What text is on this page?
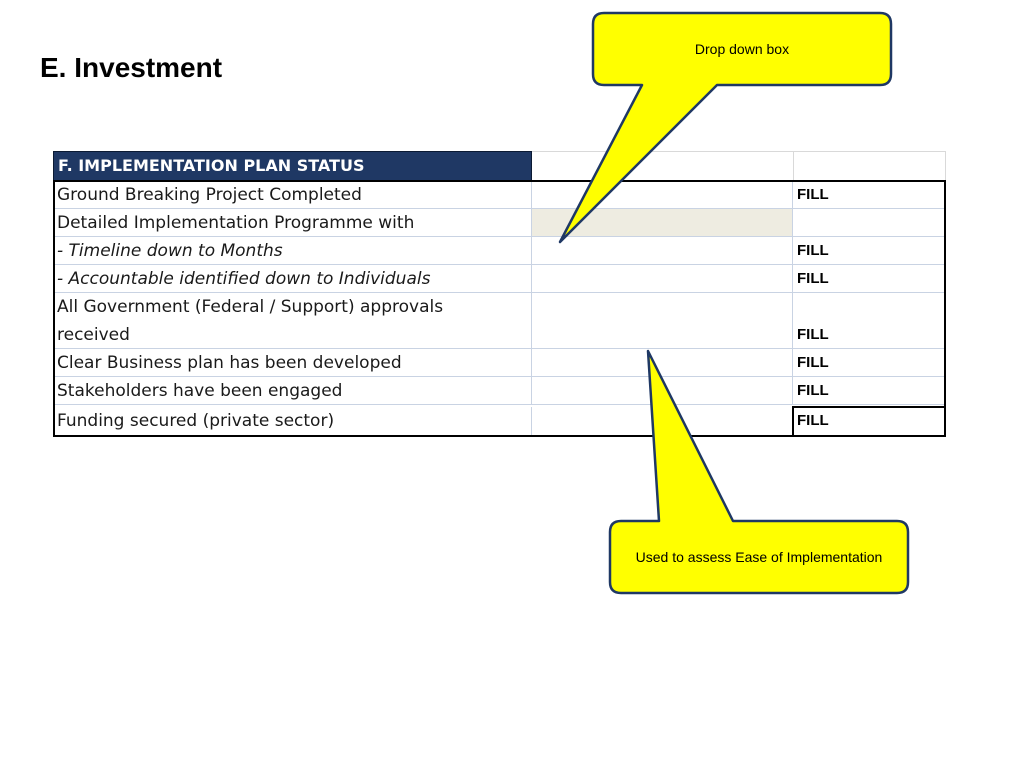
E. Investment
F. IMPLEMENTATION PLAN STATUS
Ground Breaking Project Completed	FILL
Detailed Implementation Programme with
- Timeline down to Months	FILL
- Accountable identified down to Individuals	FILL
All Government (Federal / Support) approvals
received	FILL
Clear Business plan has been developed	FILL
Stakeholders have been engaged	FILL
Funding secured (private sector)	FILL
Drop down box
Used to assess Ease of Implementation
